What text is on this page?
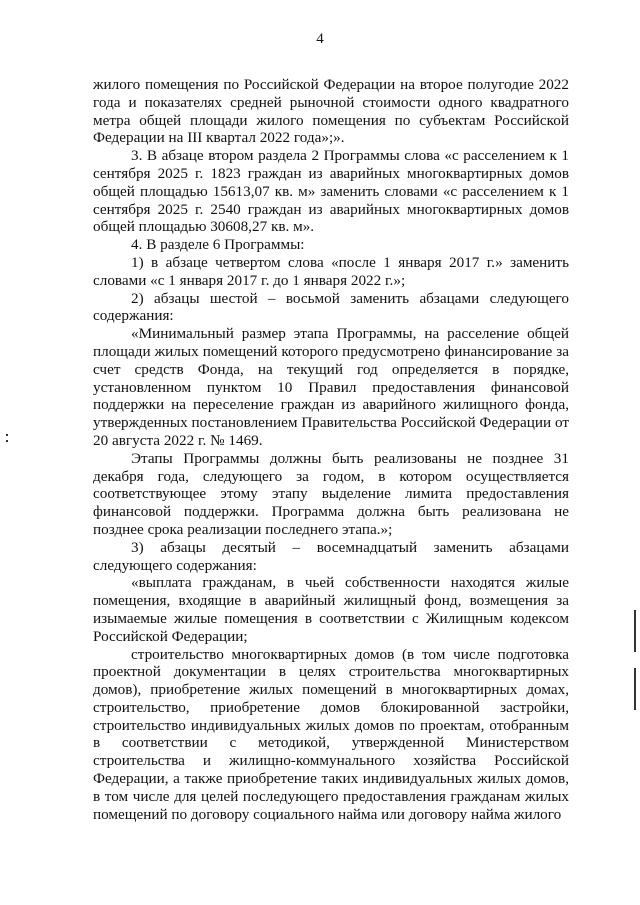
4

жилого помещения по Российской Федерации на второе полугодие 2022 года и показателях средней рыночной стоимости одного квадратного метра общей площади жилого помещения по субъектам Российской Федерации на III квартал 2022 года»;».

3. В абзаце втором раздела 2 Программы слова «с расселением к 1 сентября 2025 г. 1823 граждан из аварийных многоквартирных домов общей площадью 15613,07 кв. м» заменить словами «с расселением к 1 сентября 2025 г. 2540 граждан из аварийных многоквартирных домов общей площадью 30608,27 кв. м».

4. В разделе 6 Программы:

1) в абзаце четвертом слова «после 1 января 2017 г.» заменить словами «с 1 января 2017 г. до 1 января 2022 г.»;

2) абзацы шестой – восьмой заменить абзацами следующего содержания:

«Минимальный размер этапа Программы, на расселение общей площади жилых помещений которого предусмотрено финансирование за счет средств Фонда, на текущий год определяется в порядке, установленном пунктом 10 Правил предоставления финансовой поддержки на переселение граждан из аварийного жилищного фонда, утвержденных постановлением Правительства Российской Федерации от 20 августа 2022 г. № 1469.

Этапы Программы должны быть реализованы не позднее 31 декабря года, следующего за годом, в котором осуществляется соответствующее этому этапу выделение лимита предоставления финансовой поддержки. Программа должна быть реализована не позднее срока реализации последнего этапа.»;

3) абзацы десятый – восемнадцатый заменить абзацами следующего содержания:

«выплата гражданам, в чьей собственности находятся жилые помещения, входящие в аварийный жилищный фонд, возмещения за изымаемые жилые помещения в соответствии с Жилищным кодексом Российской Федерации;

строительство многоквартирных домов (в том числе подготовка проектной документации в целях строительства многоквартирных домов), приобретение жилых помещений в многоквартирных домах, строительство, приобретение домов блокированной застройки, строительство индивидуальных жилых домов по проектам, отобранным в соответствии с методикой, утвержденной Министерством строительства и жилищно-коммунального хозяйства Российской Федерации, а также приобретение таких индивидуальных жилых домов, в том числе для целей последующего предоставления гражданам жилых помещений по договору социального найма или договору найма жилого
